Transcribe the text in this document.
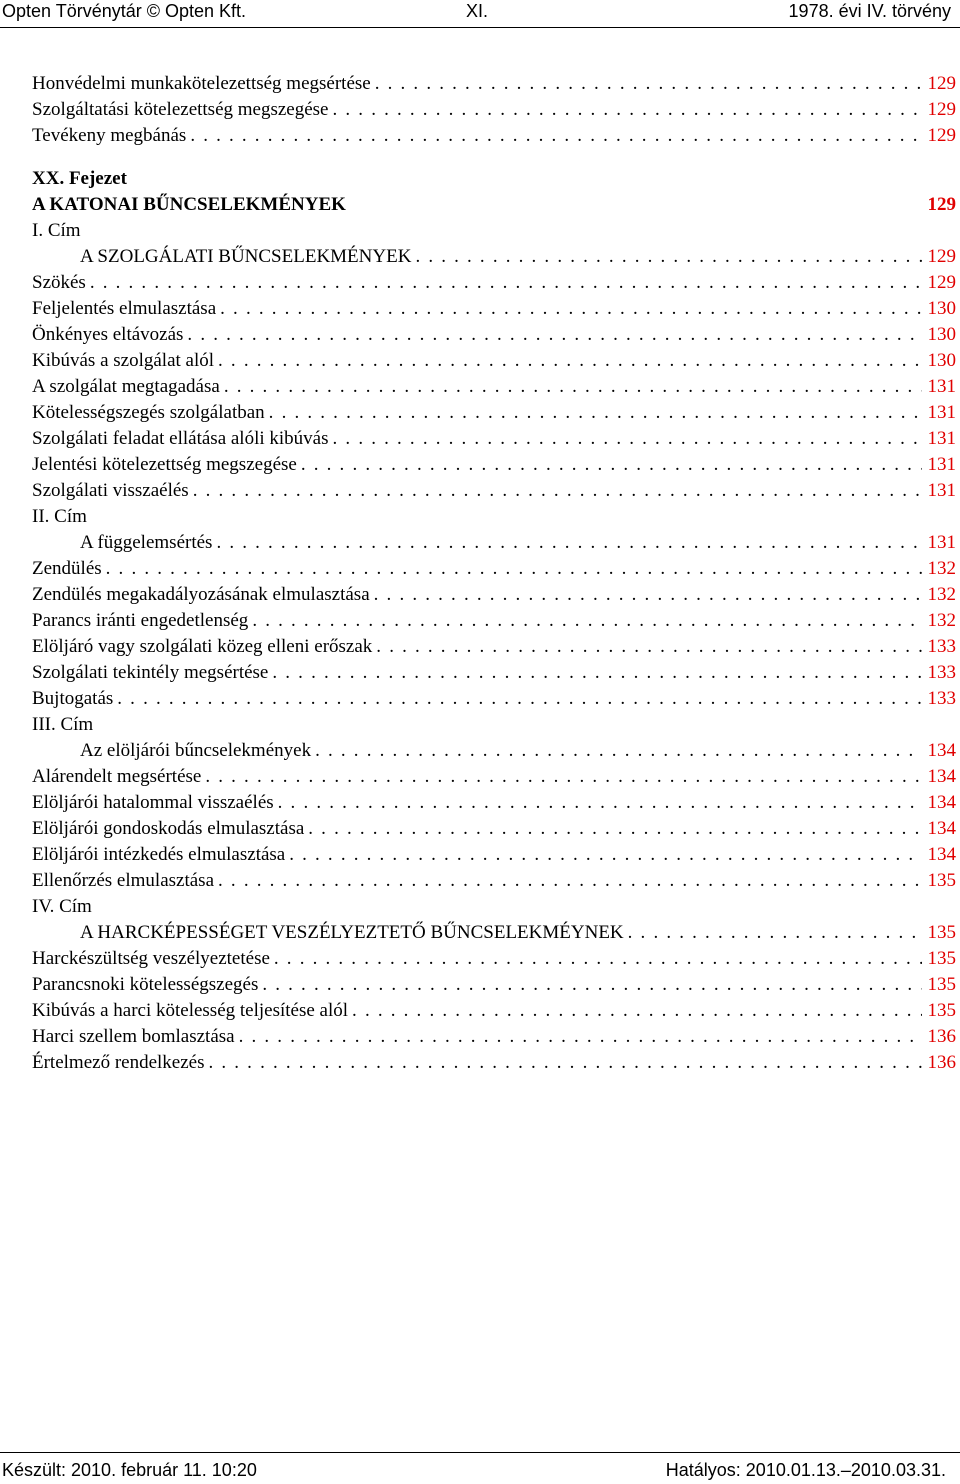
Opten Törvénytár © Opten Kft.	XI.	1978. évi IV. törvény
Honvédelmi munkakötelezettség megsértése . . .	129
Szolgáltatási kötelezettség megszegése . . .	129
Tevékeny megbánás . . .	129
XX. Fejezet
A KATONAI BŰNCSELEKMÉNYEK	129
I. Cím
A SZOLGÁLATI BŰNCSELEKMÉNYEK . . .	129
Szökés . . .	129
Feljelentés elmulasztása . . .	130
Önkényes eltávozás . . .	130
Kibúvás a szolgálat alól . . .	130
A szolgálat megtagadása . . .	131
Kötelességszegés szolgálatban . . .	131
Szolgálati feladat ellátása alóli kibúvás . . .	131
Jelentési kötelezettség megszegése . . .	131
Szolgálati visszaélés . . .	131
II. Cím
A függelemsértés . . .	131
Zendülés . . .	132
Zendülés megakadályozásának elmulasztása . . .	132
Parancs iránti engedetlenség . . .	132
Elöljáró vagy szolgálati közeg elleni erőszak . . .	133
Szolgálati tekintély megsértése . . .	133
Bujtogatás . . .	133
III. Cím
Az elöljárói bűncselekmények . . .	134
Alárendelt megsértése . . .	134
Elöljárói hatalommal visszaélés . . .	134
Elöljárói gondoskodás elmulasztása . . .	134
Elöljárói intézkedés elmulasztása . . .	134
Ellenőrzés elmulasztása . . .	135
IV. Cím
A HARCKÉPESSÉGET VESZÉLYEZTETŐ BŰNCSELEKMÉYNEK . . .	135
Harckészültség veszélyeztetése . . .	135
Parancsnoki kötelességszegés . . .	135
Kibúvás a harci kötelesség teljesítése alól . . .	135
Harci szellem bomlasztása . . .	136
Értelmező rendelkezés . . .	136
Készült: 2010. február 11. 10:20	Hatályos: 2010.01.13.–2010.03.31.
